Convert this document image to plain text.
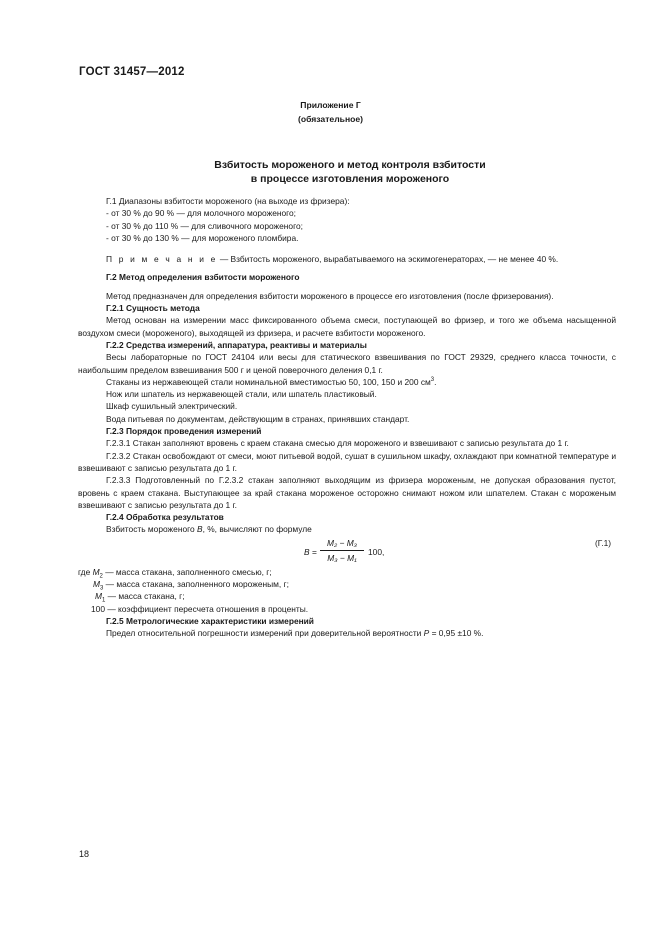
ГОСТ 31457—2012
Приложение Г
(обязательное)
Взбитость мороженого и метод контроля взбитости
в процессе изготовления мороженого

Г.1 Диапазоны взбитости мороженого (на выходе из фризера):

- от 30 % до 90 % — для молочного мороженого;

- от 30 % до 110 % — для сливочного мороженого;

- от 30 % до 130 % — для мороженого пломбира.

П р и м е ч а н и е — Взбитость мороженого, вырабатываемого на эскимогенераторах, — не менее 40 %.

Г.2 Метод определения взбитости мороженого

Метод предназначен для определения взбитости мороженого в процессе его изготовления (после фризерования).

Г.2.1 Сущность метода

Метод основан на измерении масс фиксированного объема смеси, поступающей во фризер, и того же объема насыщенной воздухом смеси (мороженого), выходящей из фризера, и расчете взбитости мороженого.

Г.2.2 Средства измерений, аппаратура, реактивы и материалы

Весы лабораторные по ГОСТ 24104 или весы для статического взвешивания по ГОСТ 29329, среднего класса точности, с наибольшим пределом взвешивания 500 г и ценой поверочного деления 0,1 г.

Стаканы из нержавеющей стали номинальной вместимостью 50, 100, 150 и 200 $см^3$.

Нож или шпатель из нержавеющей стали, или шпатель пластиковый.

Шкаф сушильный электрический.

Вода питьевая по документам, действующим в странах, принявших стандарт.

Г.2.3 Порядок проведения измерений

Г.2.3.1 Стакан заполняют вровень с краем стакана смесью для мороженого и взвешивают с записью результата до 1 г.

Г.2.3.2 Стакан освобождают от смеси, моют питьевой водой, сушат в сушильном шкафу, охлаждают при комнатной температуре и взвешивают с записью результата до 1 г.

Г.2.3.3 Подготовленный по Г.2.3.2 стакан заполняют выходящим из фризера мороженым, не допуская образования пустот, вровень с краем стакана. Выступающее за край стакана мороженое осторожно снимают ножом или шпателем. Стакан с мороженым взвешивают с записью результата до 1 г.

Г.2.4 Обработка результатов

Взбитость мороженого B, %, вычисляют по формуле

$B = \frac{\text{M₂ − M₃}}{\text{M₃ − M₁}} 100$,
(Г.1)
где $M_2$ — масса стакана, заполненного смесью, г;
$M_3$ — масса стакана, заполненного мороженым, г;
$M_1$ — масса стакана, г;
100 — коэффициент пересчета отношения в проценты.

Г.2.5 Метрологические характеристики измерений

Предел относительной погрешности измерений при доверительной вероятности P = 0,95 ±10 %.

18
